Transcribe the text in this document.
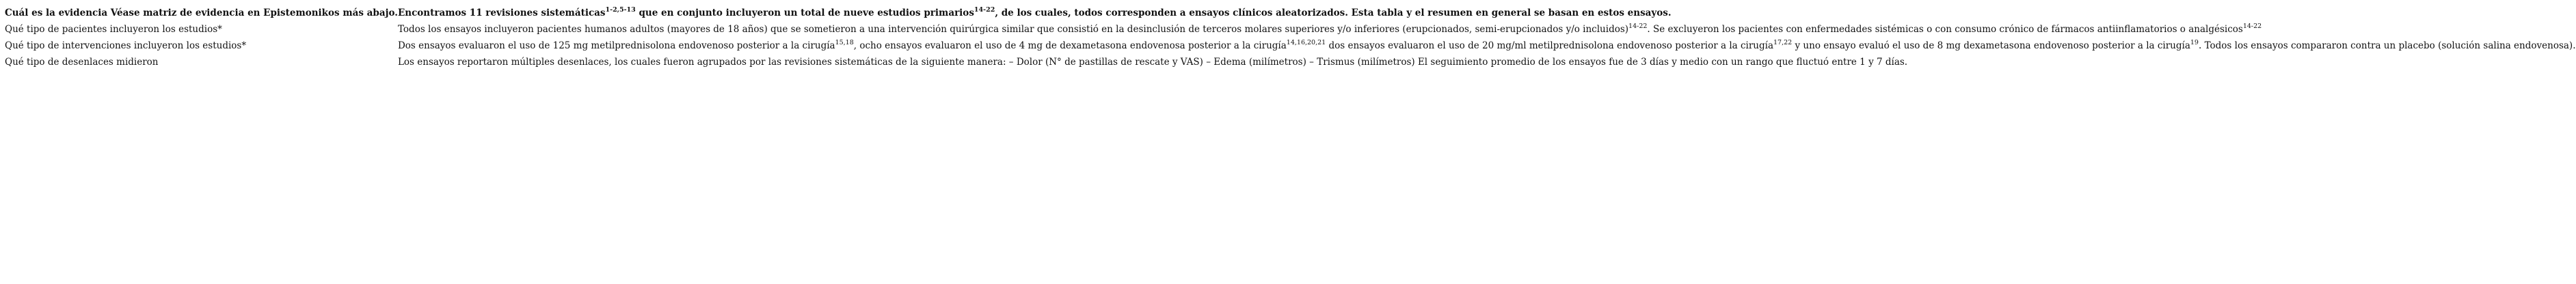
Cuál es la evidencia Véase matriz de evidencia en Epistemonikos más abajo.	Encontramos 11 revisiones sistemáticas$^{1-2,5-13}$ que en conjunto incluyeron un total de nueve estudios primarios$^{14-22}$, de los cuales, todos corresponden a ensayos clínicos aleatorizados. Esta tabla y el resumen en general se basan en estos ensayos.
Qué tipo de pacientes incluyeron los estudios*	Todos los ensayos incluyeron pacientes humanos adultos (mayores de 18 años) que se sometieron a una intervención quirúrgica similar que consistió en la desinclusión de terceros molares superiores y/o inferiores (erupcionados, semi-erupcionados y/o incluidos)$^{14-22}$. Se excluyeron los pacientes con enfermedades sistémicas o con consumo crónico de fármacos antiinflamatorios o analgésicos$^{14-22}$
Qué tipo de intervenciones incluyeron los estudios*	Dos ensayos evaluaron el uso de 125 mg metilprednisolona endovenoso posterior a la cirugía$^{15,18}$, ocho ensayos evaluaron el uso de 4 mg de dexametasona endovenosa posterior a la cirugía$^{14,16,20,21}$ dos ensayos evaluaron el uso de 20 mg/ml metilprednisolona endovenoso posterior a la cirugía$^{17,22}$ y uno ensayo evaluó el uso de 8 mg dexametasona endovenoso posterior a la cirugía$^{19}$. Todos los ensayos compararon contra un placebo (solución salina endovenosa).
Qué tipo de desenlaces midieron	Los ensayos reportaron múltiples desenlaces, los cuales fueron agrupados por las revisiones sistemáticas de la siguiente manera: – Dolor (N° de pastillas de rescate y VAS) – Edema (milímetros) – Trismus (milímetros) El seguimiento promedio de los ensayos fue de 3 días y medio con un rango que fluctuó entre 1 y 7 días.
